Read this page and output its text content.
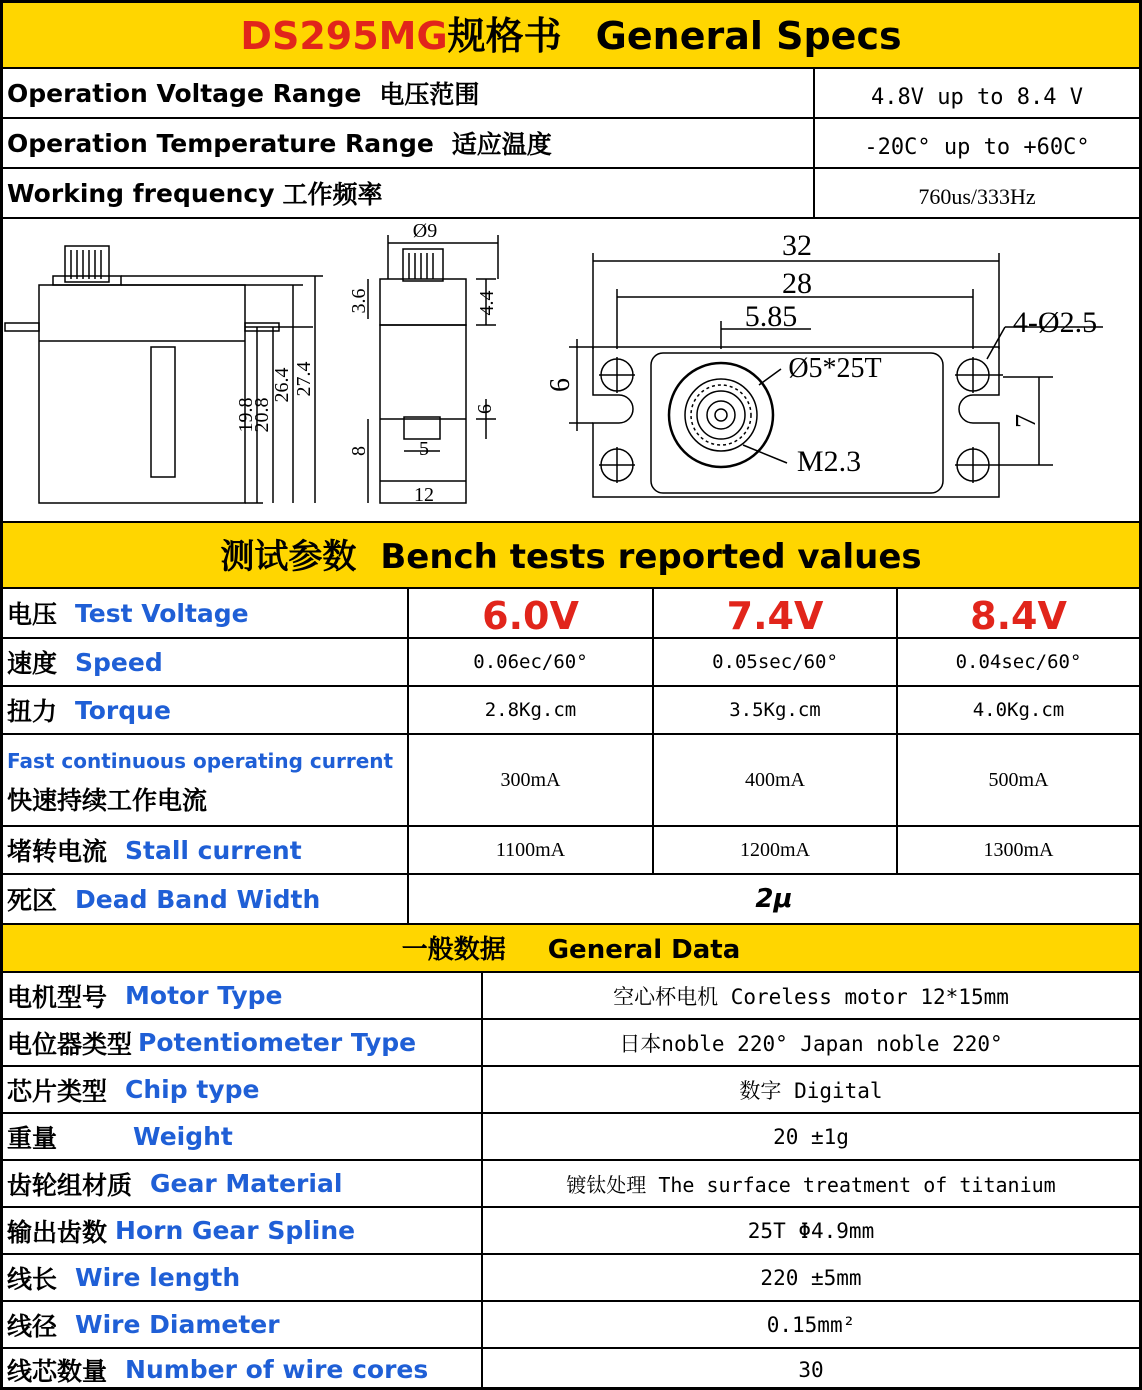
DS295MG规格书 General Specs
Operation Voltage Range 电压范围	4.8V up to 8.4 V
Operation Temperature Range 适应温度	-20C° up to +60C°
Working frequency 工作频率	760us/333Hz
19.8
20.8
26.4 27.4
8
Ø9
3.6	4.4
6
5
12
32
28
5.85	4-Ø2.5
Ø5*25T
6
7
M2.3
测试参数 Bench tests reported values
电压 Test Voltage	6.0V	7.4V	8.4V
速度 Speed	0.06ec/60°	0.05sec/60°	0.04sec/60°
扭力 Torque	2.8Kg.cm	3.5Kg.cm	4.0Kg.cm
Fast continuous operating current
快速持续工作电流
300mA	400mA	500mA
堵转电流 Stall current	1100mA	1200mA	1300mA
死区 Dead Band Width	2μ
一般数据 General Data
电机型号 Motor Type	空心杯电机 Coreless motor 12*15mm
电位器类型 Potentiometer Type	日本noble 220° Japan noble 220°
芯片类型 Chip type	数字 Digital
重量	Weight	20 ±1g
齿轮组材质 Gear Material	镀钛处理 The surface treatment of titanium
输出齿数 Horn Gear Spline	25T Φ4.9mm
线长 Wire length	220 ±5mm
线径 Wire Diameter	0.15mm²
线芯数量 Number of wire cores	30
